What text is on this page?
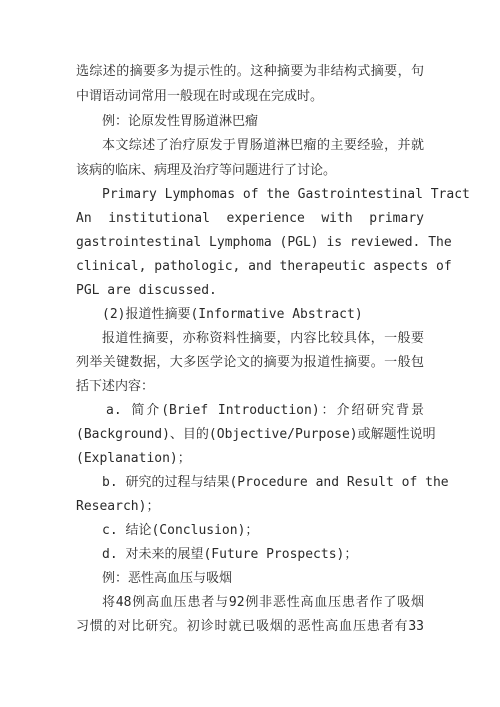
选综述的摘要多为提示性的。这种摘要为非结构式摘要，句
中谓语动词常用一般现在时或现在完成时。
例：论原发性胃肠道淋巴瘤
本文综述了治疗原发于胃肠道淋巴瘤的主要经验，并就
该病的临床、病理及治疗等问题进行了讨论。
Primary Lymphomas of the Gastrointestinal Tract
An institutional experience with primary
gastrointestinal Lymphoma (PGL) is reviewed. The
clinical, pathologic, and therapeutic aspects of
PGL are discussed.
(2)报道性摘要(Informative Abstract)
报道性摘要，亦称资料性摘要，内容比较具体，一般要
列举关键数据，大多医学论文的摘要为报道性摘要。一般包
括下述内容：
a. 简介(Brief Introduction)：介绍研究背景
(Background)、目的(Objective/Purpose)或解题性说明
(Explanation)；
b. 研究的过程与结果(Procedure and Result of the
Research)；
c. 结论(Conclusion)；
d. 对未来的展望(Future Prospects)；
例：恶性高血压与吸烟
将48例高血压患者与92例非恶性高血压患者作了吸烟
习惯的对比研究。初诊时就已吸烟的恶性高血压患者有33
